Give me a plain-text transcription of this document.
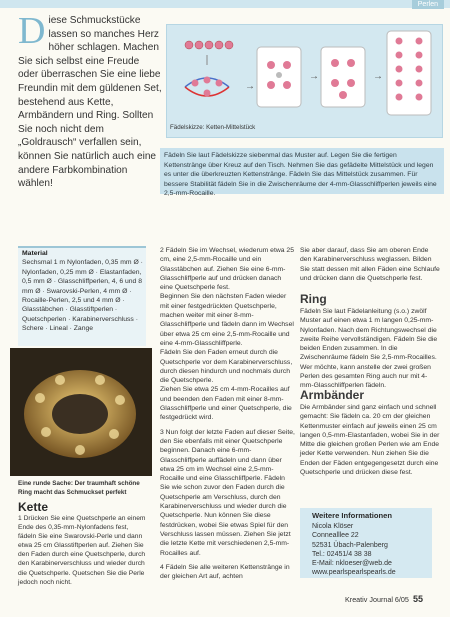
Perlen
D iese Schmuckstücke lassen so manches Herz höher schlagen. Machen Sie sich selbst eine Freude oder überraschen Sie eine liebe Freundin mit dem güldenen Set, bestehend aus Kette, Armbändern und Ring. Sollten Sie noch nicht dem „Goldrausch“ verfallen sein, können Sie natürlich auch eine andere Farbkombination wählen!
→
→	→
Fädelskizze: Ketten-Mittelstück
Fädeln Sie laut Fädelskizze siebenmal das Muster auf. Legen Sie die fertigen Kettenstränge über Kreuz auf den Tisch. Nehmen Sie das gefädelte Mittelstück und legen es unter die überkreuzten Kettenstränge. Fädeln Sie das Mittelstück zusammen. Für bessere Stabilität fädeln Sie in die Zwischenräume der 4-mm-Glasschliffperlen jeweils eine 2,5-mm-Rocaille.
Material
Sechsmal 1 m Nylonfaden, 0,35 mm Ø · Nylonfaden, 0,25 mm Ø · Elastanfaden, 0,5 mm Ø · Glasschliffperlen, 4, 6 und 8 mm Ø · Swarovski-Perlen, 4 mm Ø · Rocaille-Perlen, 2,5 und 4 mm Ø · Glasstäbchen · Glasstiftperlen · Quetschperlen · Karabinerverschluss · Schere · Lineal · Zange
Eine runde Sache: Der traumhaft schöne Ring macht das Schmuckset perfekt
Kette
1 Drücken Sie eine Quetschperle an einem Ende des 0,35-mm-Nylonfadens fest, fädeln Sie eine Swarovski-Perle und dann etwa 25 cm Glasstiftperlen auf. Ziehen Sie den Faden durch eine Quetschperle, durch den Karabinerverschluss und wieder durch die Quetschperle. Quetschen Sie die Perle jedoch noch nicht.

2 Fädeln Sie im Wechsel, wiederum etwa 25 cm, eine 2,5-mm-Rocaille und ein Glasstäbchen auf. Ziehen Sie eine 6-mm-Glasschliffperle auf und drücken danach eine Quetschperle fest.

Beginnen Sie den nächsten Faden wieder mit einer festgedrückten Quetschperle, machen weiter mit einer 8-mm-Glasschliffperle und fädeln dann im Wechsel über etwa 25 cm eine 2,5-mm-Rocaille und eine 4-mm-Glasschliffperle.

Fädeln Sie den Faden erneut durch die Quetschperle vor dem Karabinerverschluss, durch diesen hindurch und nochmals durch die Quetschperle.

Ziehen Sie etwa 25 cm 4-mm-Rocailles auf und beenden den Faden mit einer 8-mm-Glasschliffperle und einer Quetschperle, die festgedrückt wird.

3 Nun folgt der letzte Faden auf dieser Seite, den Sie ebenfalls mit einer Quetschperle beginnen. Danach eine 6-mm-Glasschliffperle auffädeln und dann über etwa 25 cm im Wechsel eine 2,5-mm-Rocaille und eine Glasschliffperle. Fädeln Sie wie schon zuvor den Faden durch die Quetschperle am Verschluss, durch den Karabinerverschluss und wieder durch die Quetschperle. Nun können Sie diese festdrücken, wobei Sie etwas Spiel für den Verschluss lassen müssen. Ziehen Sie jetzt die letzte Kette mit verschiedenen 2,5-mm-Rocailles auf.

4 Fädeln Sie alle weiteren Kettenstränge in der gleichen Art auf, achten

Sie aber darauf, dass Sie am oberen Ende den Karabinerverschluss weglassen. Bilden Sie statt dessen mit allen Fäden eine Schlaufe und drücken dann die Quetschperle fest.

Ring
Fädeln Sie laut Fädelanleitung (s.o.) zwölf Muster auf einen etwa 1 m langen 0,25-mm-Nylonfaden. Nach dem Richtungswechsel die zweite Reihe vervollständigen. Fädeln Sie die beiden Enden zusammen. In die Zwischenräume fädeln Sie 2,5-mm-Rocailles. Wer möchte, kann anstelle der zwei großen Perlen des gesamten Ring auch nur mit 4-mm-Glasschliffperlen fädeln.
Armbänder
Die Armbänder sind ganz einfach und schnell gemacht: Sie fädeln ca. 20 cm der gleichen Kettenmuster einfach auf jeweils einen 25 cm langen 0,5-mm-Elastanfaden, wobei Sie in der Mitte die gleichen großen Perlen wie am Ende jeder Kette verwenden. Nun ziehen Sie die Enden der Fäden entgegengesetzt durch eine Quetschperle und drücken diese fest.
Weitere Informationen
Nicola Klöser
Connealllee 22
52531 Übach-Palenberg
Tel.: 02451/4 38 38
E-Mail: nkloeser@web.de
www.pearlspearlspearls.de
Kreativ Journal 6/05 55
